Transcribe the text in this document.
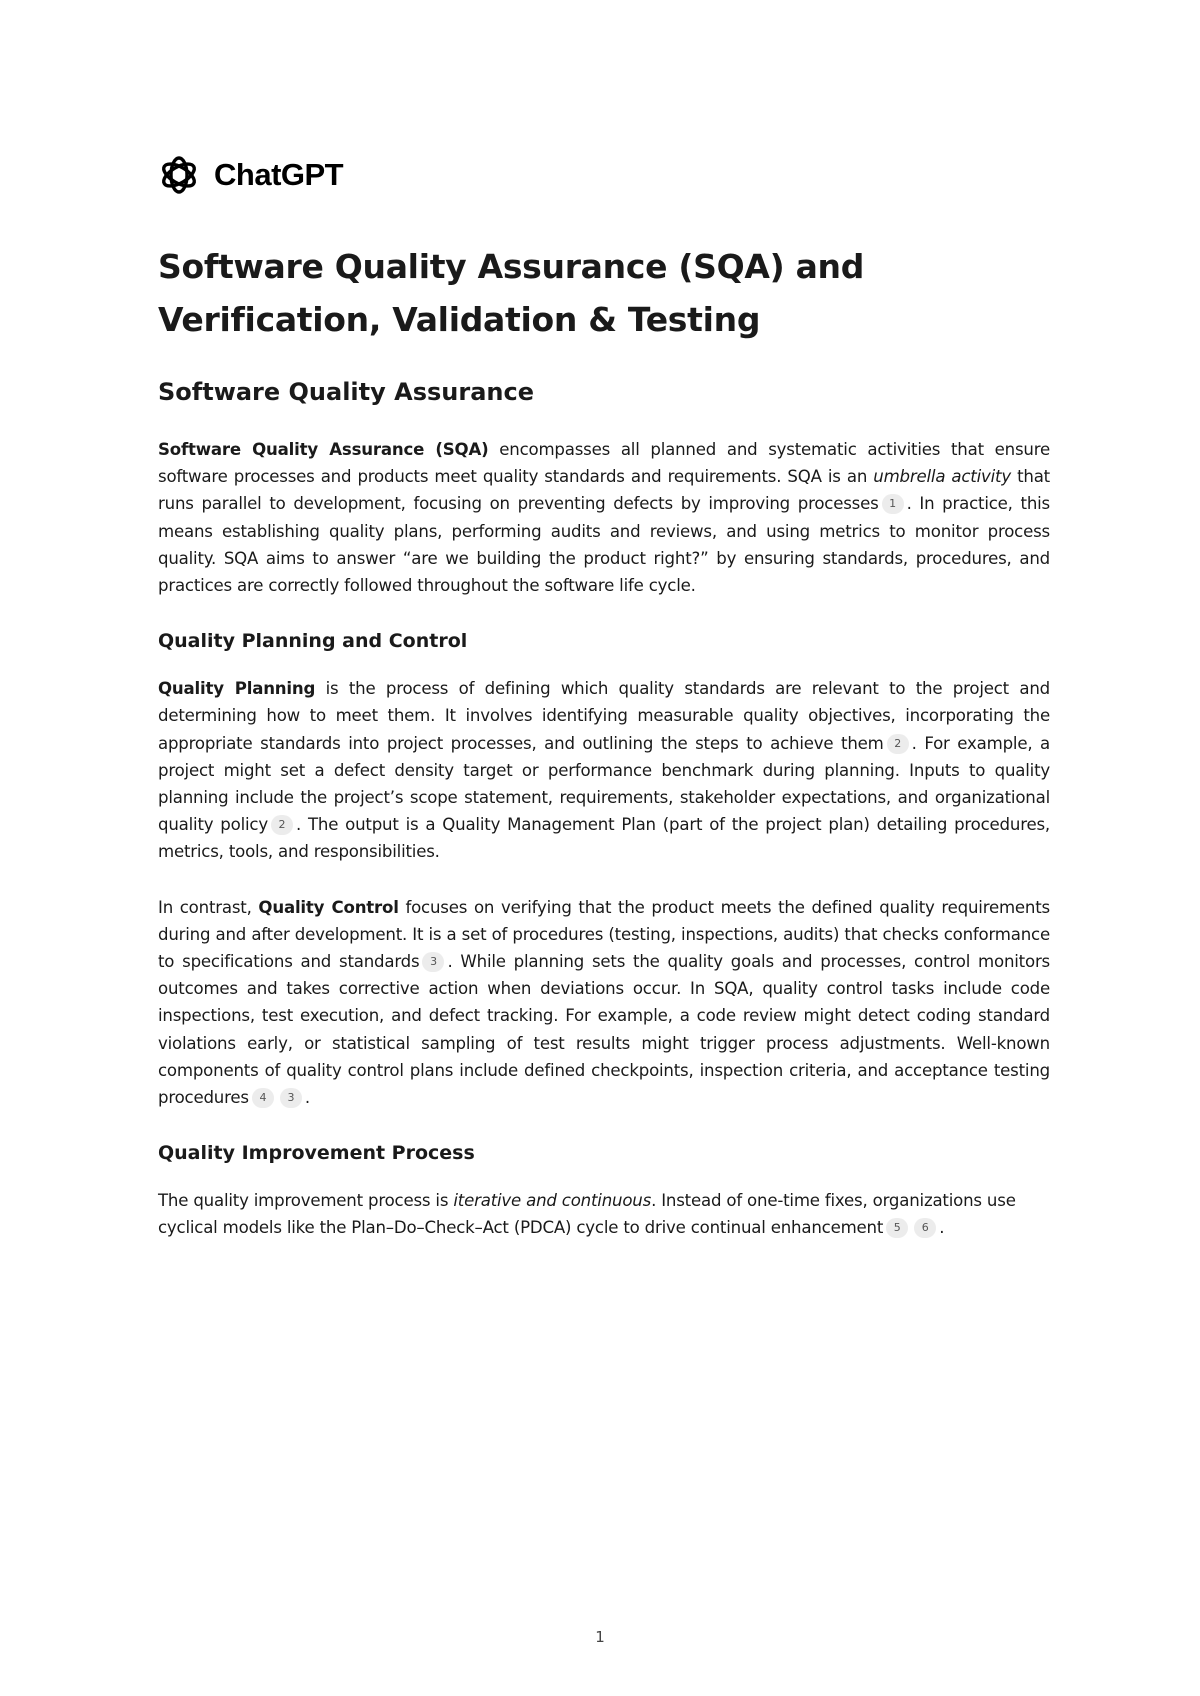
ChatGPT
Software Quality Assurance (SQA) and Verification, Validation & Testing
Software Quality Assurance

Software Quality Assurance (SQA) encompasses all planned and systematic activities that ensure software processes and products meet quality standards and requirements. SQA is an umbrella activity that runs parallel to development, focusing on preventing defects by improving processes 1 . In practice, this means establishing quality plans, performing audits and reviews, and using metrics to monitor process quality. SQA aims to answer “are we building the product right?” by ensuring standards, procedures, and practices are correctly followed throughout the software life cycle.

Quality Planning and Control

Quality Planning is the process of defining which quality standards are relevant to the project and determining how to meet them. It involves identifying measurable quality objectives, incorporating the appropriate standards into project processes, and outlining the steps to achieve them 2 . For example, a project might set a defect density target or performance benchmark during planning. Inputs to quality planning include the project’s scope statement, requirements, stakeholder expectations, and organizational quality policy 2 . The output is a Quality Management Plan (part of the project plan) detailing procedures, metrics, tools, and responsibilities.

In contrast, Quality Control focuses on verifying that the product meets the defined quality requirements during and after development. It is a set of procedures (testing, inspections, audits) that checks conformance to specifications and standards 3 . While planning sets the quality goals and processes, control monitors outcomes and takes corrective action when deviations occur. In SQA, quality control tasks include code inspections, test execution, and defect tracking. For example, a code review might detect coding standard violations early, or statistical sampling of test results might trigger process adjustments. Well-known components of quality control plans include defined checkpoints, inspection criteria, and acceptance testing procedures 4 3 .

Quality Improvement Process

The quality improvement process is iterative and continuous. Instead of one-time fixes, organizations use cyclical models like the Plan–Do–Check–Act (PDCA) cycle to drive continual enhancement 5 6 .

1
